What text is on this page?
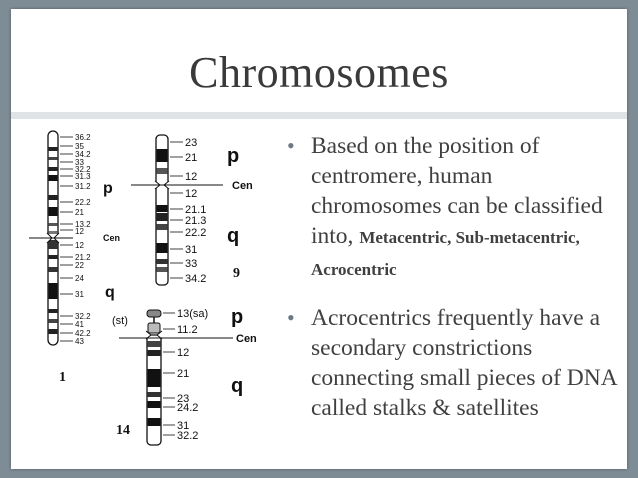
Chromosomes
36.2
35
34.2
33
32.2
31.3
31.2
22.2
21
13.2
12
12
21.2
22
24
31
32.2
41
42.2
43
Cen
p
q
1
23
21
12
12
21.1
21.3
22.2
31
33
34.2
Cen
p
q
9
13(sa)
11.2
12
21
23
24.2
31
32.2
(st)
Cen
p
q
14
• Based on the position of centromere, human chromosomes can be classified into, Metacentric, Sub-metacentric, Acrocentric
• Acrocentrics frequently have a secondary constrictions connecting small pieces of DNA called stalks & satellites
